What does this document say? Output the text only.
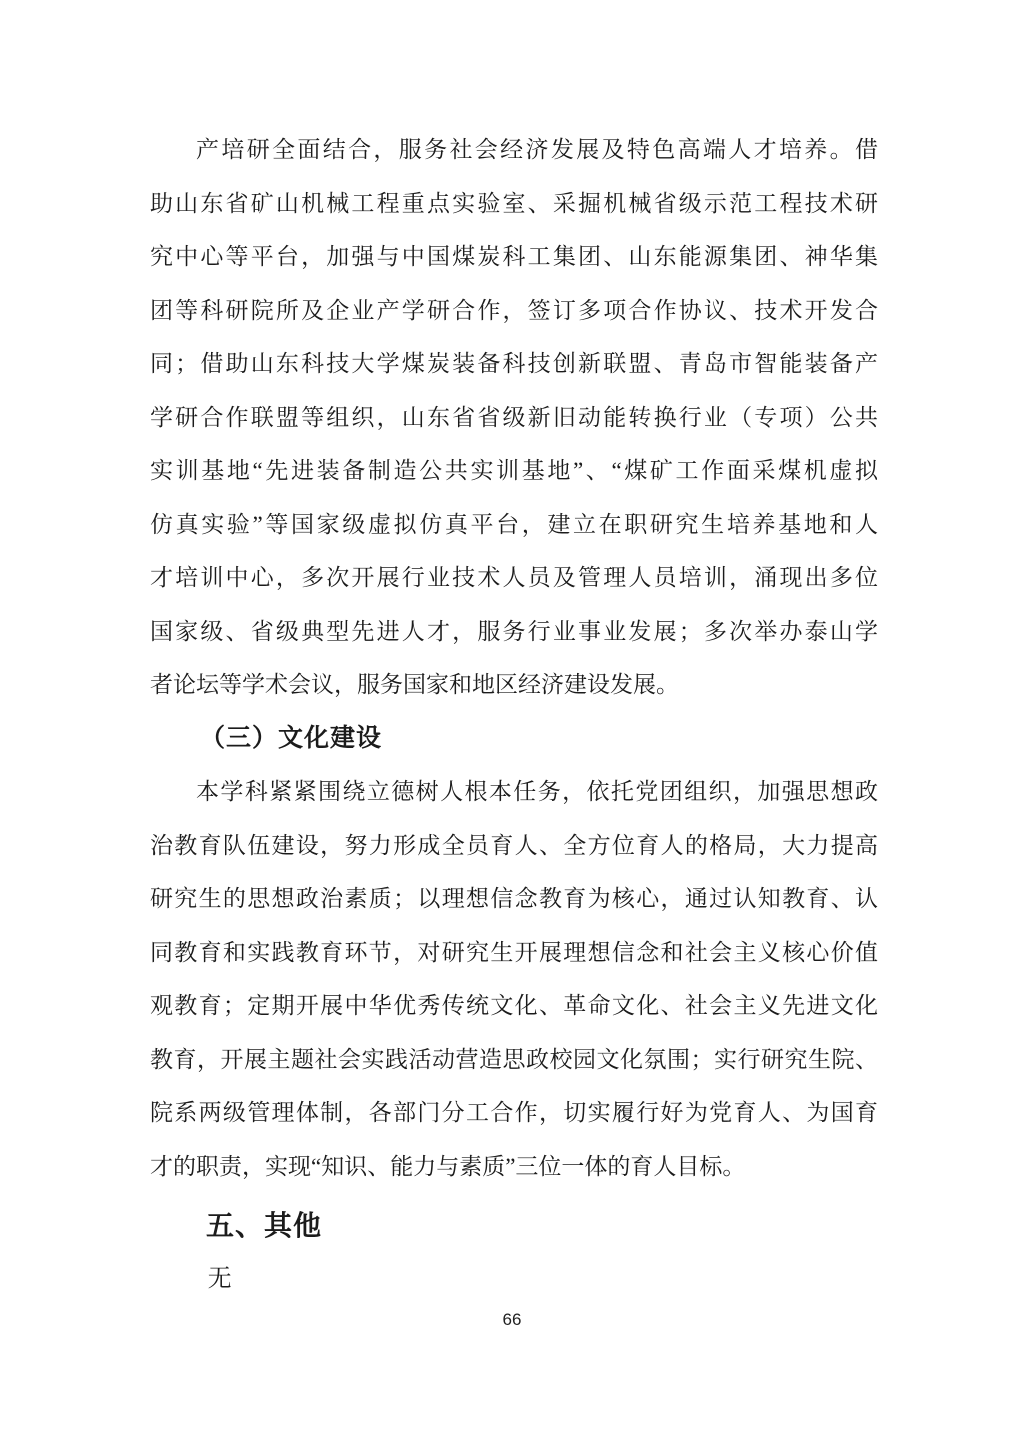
产培研全面结合，服务社会经济发展及特色高端人才培养。借
助山东省矿山机械工程重点实验室、采掘机械省级示范工程技术研
究中心等平台，加强与中国煤炭科工集团、山东能源集团、神华集
团等科研院所及企业产学研合作，签订多项合作协议、技术开发合
同；借助山东科技大学煤炭装备科技创新联盟、青岛市智能装备产
学研合作联盟等组织，山东省省级新旧动能转换行业（专项）公共
实训基地“先进装备制造公共实训基地”、“煤矿工作面采煤机虚拟
仿真实验”等国家级虚拟仿真平台，建立在职研究生培养基地和人
才培训中心，多次开展行业技术人员及管理人员培训，涌现出多位
国家级、省级典型先进人才，服务行业事业发展；多次举办泰山学
者论坛等学术会议，服务国家和地区经济建设发展。
（三）文化建设
本学科紧紧围绕立德树人根本任务，依托党团组织，加强思想政
治教育队伍建设，努力形成全员育人、全方位育人的格局，大力提高
研究生的思想政治素质；以理想信念教育为核心，通过认知教育、认
同教育和实践教育环节，对研究生开展理想信念和社会主义核心价值
观教育；定期开展中华优秀传统文化、革命文化、社会主义先进文化
教育，开展主题社会实践活动营造思政校园文化氛围；实行研究生院、
院系两级管理体制，各部门分工合作，切实履行好为党育人、为国育
才的职责，实现“知识、能力与素质”三位一体的育人目标。
五、其他
无
66
